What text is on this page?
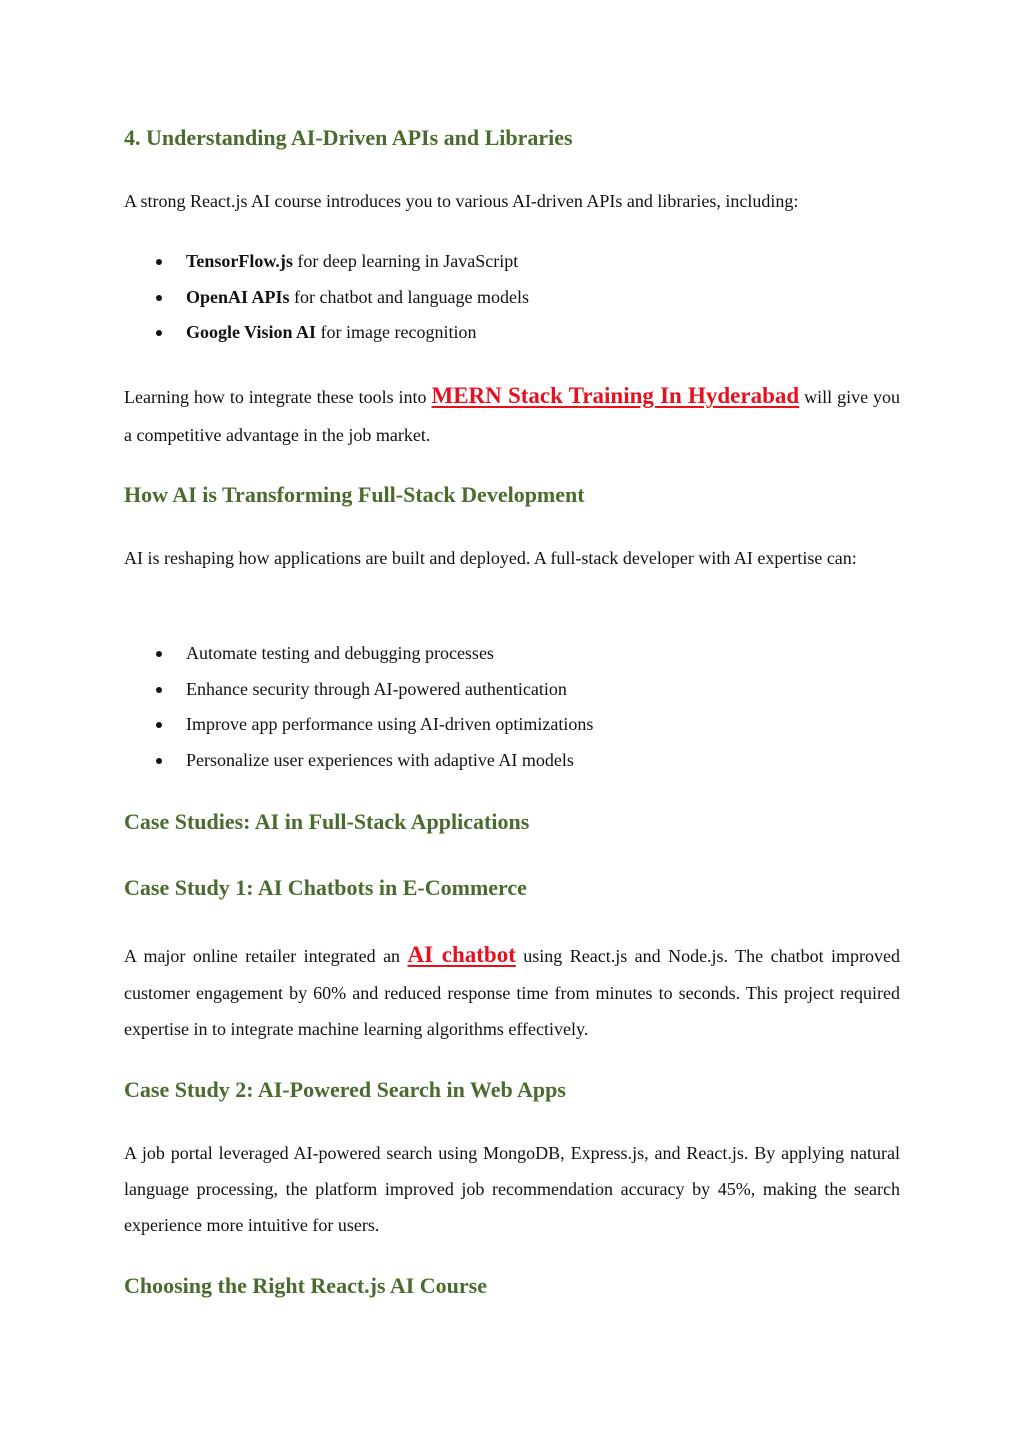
4. Understanding AI-Driven APIs and Libraries

A strong React.js AI course introduces you to various AI-driven APIs and libraries, including:

TensorFlow.js for deep learning in JavaScript
OpenAI APIs for chatbot and language models
Google Vision AI for image recognition

Learning how to integrate these tools into MERN Stack Training In Hyderabad will give you a competitive advantage in the job market.

How AI is Transforming Full-Stack Development

AI is reshaping how applications are built and deployed. A full-stack developer with AI expertise can:

Automate testing and debugging processes
Enhance security through AI-powered authentication
Improve app performance using AI-driven optimizations
Personalize user experiences with adaptive AI models
Case Studies: AI in Full-Stack Applications
Case Study 1: AI Chatbots in E-Commerce

A major online retailer integrated an AI chatbot using React.js and Node.js. The chatbot improved customer engagement by 60% and reduced response time from minutes to seconds. This project required expertise in to integrate machine learning algorithms effectively.

Case Study 2: AI-Powered Search in Web Apps

A job portal leveraged AI-powered search using MongoDB, Express.js, and React.js. By applying natural language processing, the platform improved job recommendation accuracy by 45%, making the search experience more intuitive for users.

Choosing the Right React.js AI Course
